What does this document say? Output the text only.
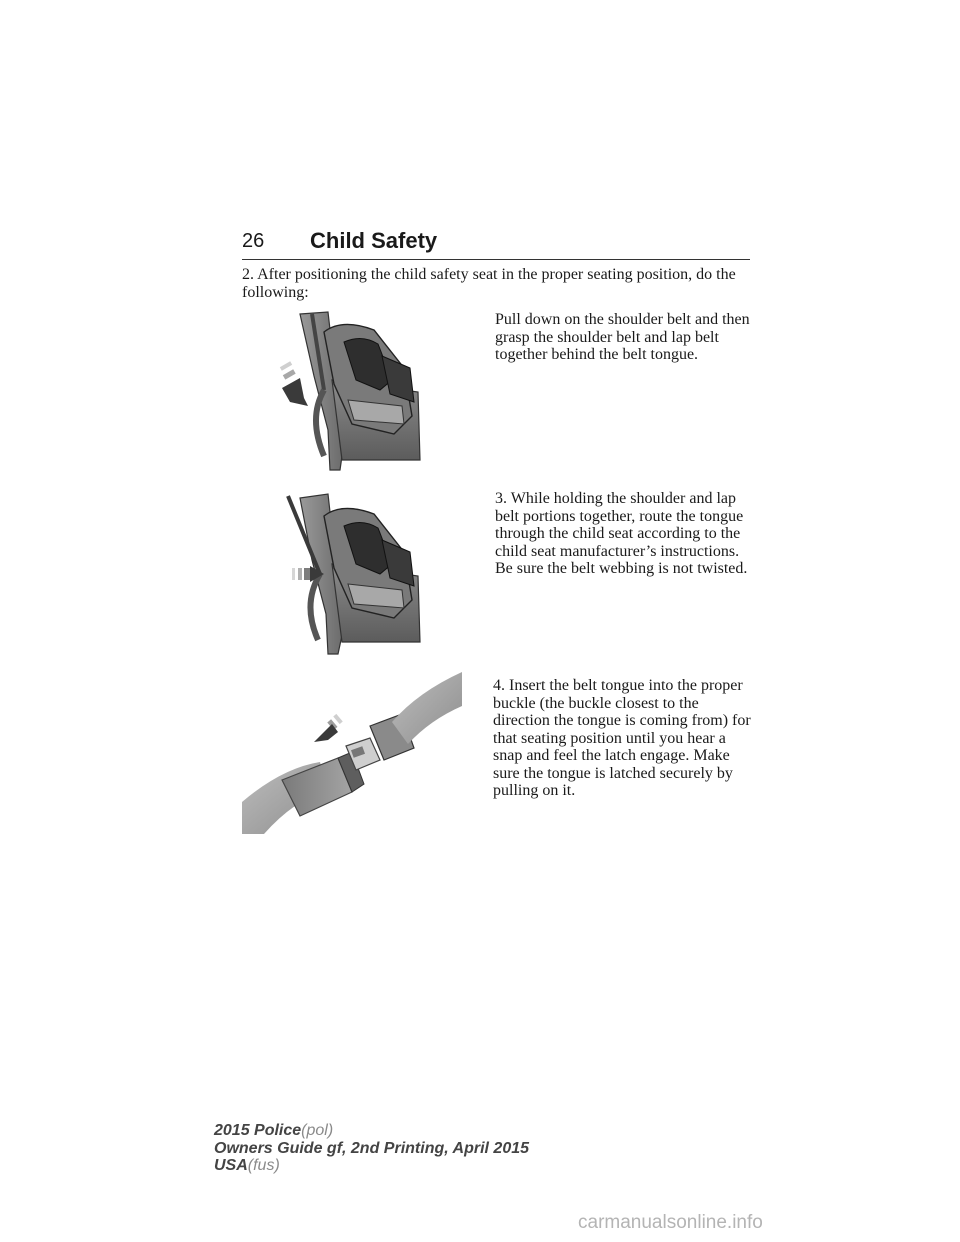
26 Child Safety
2. After positioning the child safety seat in the proper seating position, do the following:
Pull down on the shoulder belt and then grasp the shoulder belt and lap belt together behind the belt tongue.
3. While holding the shoulder and lap belt portions together, route the tongue through the child seat according to the child seat manufacturer’s instructions. Be sure the belt webbing is not twisted.
4. Insert the belt tongue into the proper buckle (the buckle closest to the direction the tongue is coming from) for that seating position until you hear a snap and feel the latch engage. Make sure the tongue is latched securely by pulling on it.
2015 Police(pol)
Owners Guide gf, 2nd Printing, April 2015
USA(fus)
carmanualsonline.info
